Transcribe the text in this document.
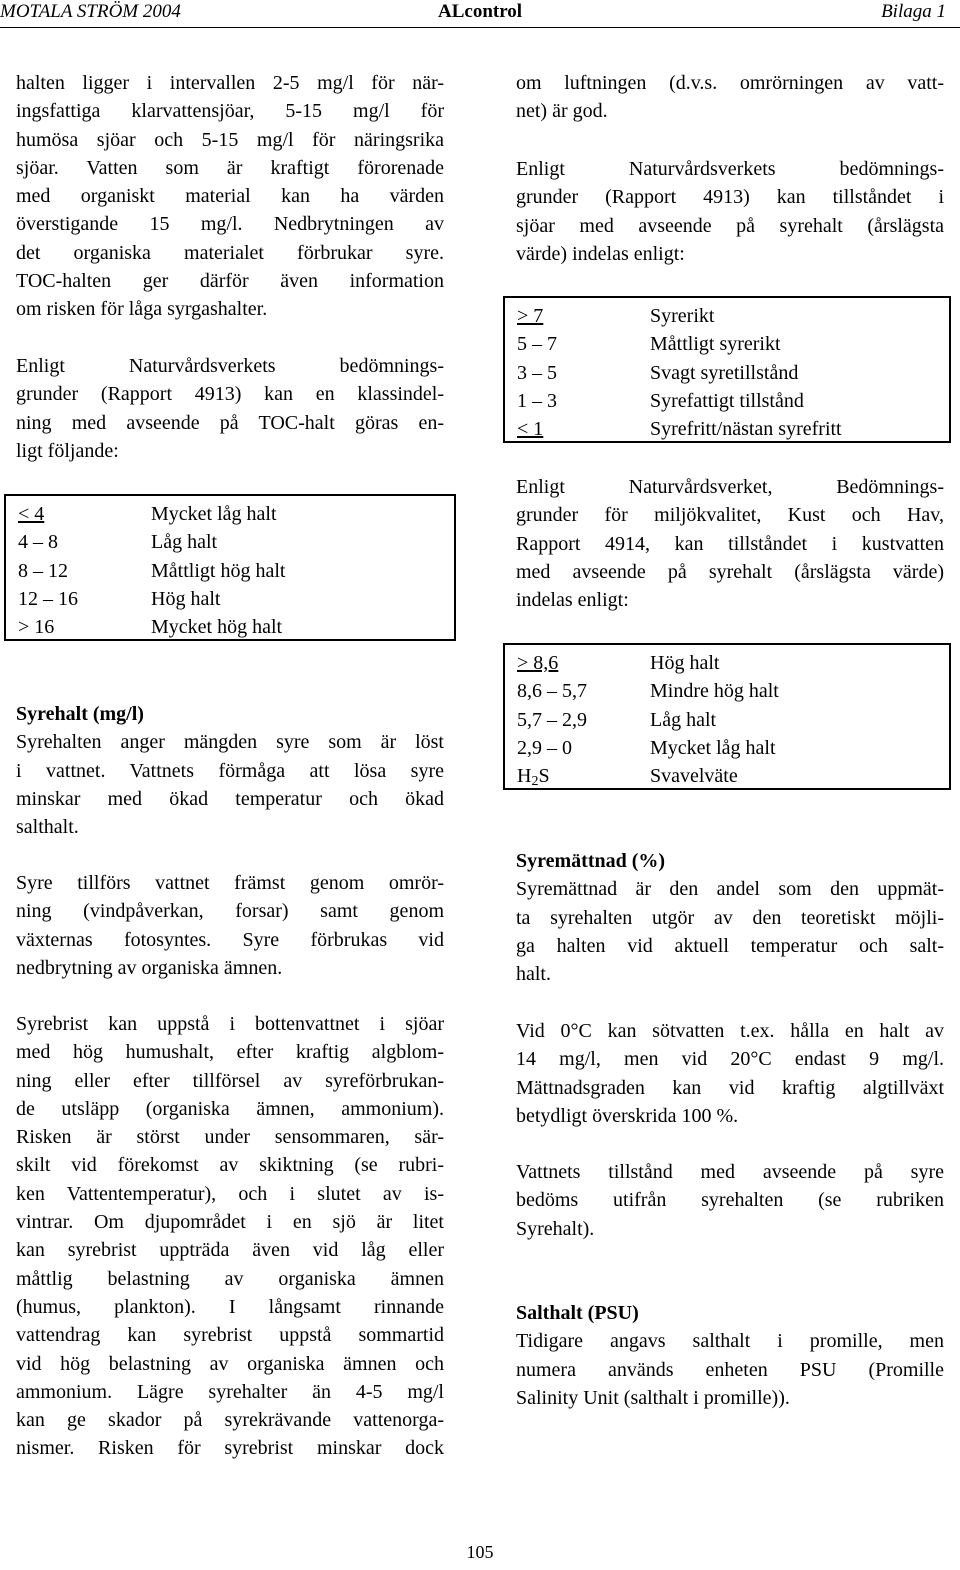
MOTALA STRÖM 2004	ALcontrol	Bilaga 1
halten ligger i intervallen 2-5 mg/l för när-
ingsfattiga klarvattensjöar, 5-15 mg/l för
humösa sjöar och 5-15 mg/l för näringsrika
sjöar. Vatten som är kraftigt förorenade
med organiskt material kan ha värden
överstigande 15 mg/l. Nedbrytningen av
det organiska materialet förbrukar syre.
TOC-halten ger därför även information
om risken för låga syrgashalter.
Enligt Naturvårdsverkets bedömnings-
grunder (Rapport 4913) kan en klassindel-
ning med avseende på TOC-halt göras en-
ligt följande:
< 4	Mycket låg halt
4 – 8	Låg halt
8 – 12	Måttligt hög halt
12 – 16	Hög halt
> 16	Mycket hög halt

Syrehalt (mg/l)

Syrehalten anger mängden syre som är löst
i vattnet. Vattnets förmåga att lösa syre
minskar med ökad temperatur och ökad
salthalt.
Syre tillförs vattnet främst genom omrör-
ning (vindpåverkan, forsar) samt genom
växternas fotosyntes. Syre förbrukas vid
nedbrytning av organiska ämnen.
Syrebrist kan uppstå i bottenvattnet i sjöar
med hög humushalt, efter kraftig algblom-
ning eller efter tillförsel av syreförbrukan-
de utsläpp (organiska ämnen, ammonium).
Risken är störst under sensommaren, sär-
skilt vid förekomst av skiktning (se rubri-
ken Vattentemperatur), och i slutet av is-
vintrar. Om djupområdet i en sjö är litet
kan syrebrist uppträda även vid låg eller
måttlig belastning av organiska ämnen
(humus, plankton). I långsamt rinnande
vattendrag kan syrebrist uppstå sommartid
vid hög belastning av organiska ämnen och
ammonium. Lägre syrehalter än 4-5 mg/l
kan ge skador på syrekrävande vattenorga-
nismer. Risken för syrebrist minskar dock
om luftningen (d.v.s. omrörningen av vatt-
net) är god.
Enligt Naturvårdsverkets bedömnings-
grunder (Rapport 4913) kan tillståndet i
sjöar med avseende på syrehalt (årslägsta
värde) indelas enligt:
> 7	Syrerikt
5 – 7	Måttligt syrerikt
3 – 5	Svagt syretillstånd
1 – 3	Syrefattigt tillstånd
< 1	Syrefritt/nästan syrefritt
Enligt Naturvårdsverket, Bedömnings-
grunder för miljökvalitet, Kust och Hav,
Rapport 4914, kan tillståndet i kustvatten
med avseende på syrehalt (årslägsta värde)
indelas enligt:
> 8,6	Hög halt
8,6 – 5,7	Mindre hög halt
5,7 – 2,9	Låg halt
2,9 – 0	Mycket låg halt
$H_2S$	Svavelväte

Syremättnad (%)

Syremättnad är den andel som den uppmät-
ta syrehalten utgör av den teoretiskt möjli-
ga halten vid aktuell temperatur och salt-
halt.
Vid 0°C kan sötvatten t.ex. hålla en halt av
14 mg/l, men vid 20°C endast 9 mg/l.
Mättnadsgraden kan vid kraftig algtillväxt
betydligt överskrida 100 %.
Vattnets tillstånd med avseende på syre
bedöms utifrån syrehalten (se rubriken
Syrehalt).

Salthalt (PSU)

Tidigare angavs salthalt i promille, men
numera används enheten PSU (Promille
Salinity Unit (salthalt i promille)).
105
